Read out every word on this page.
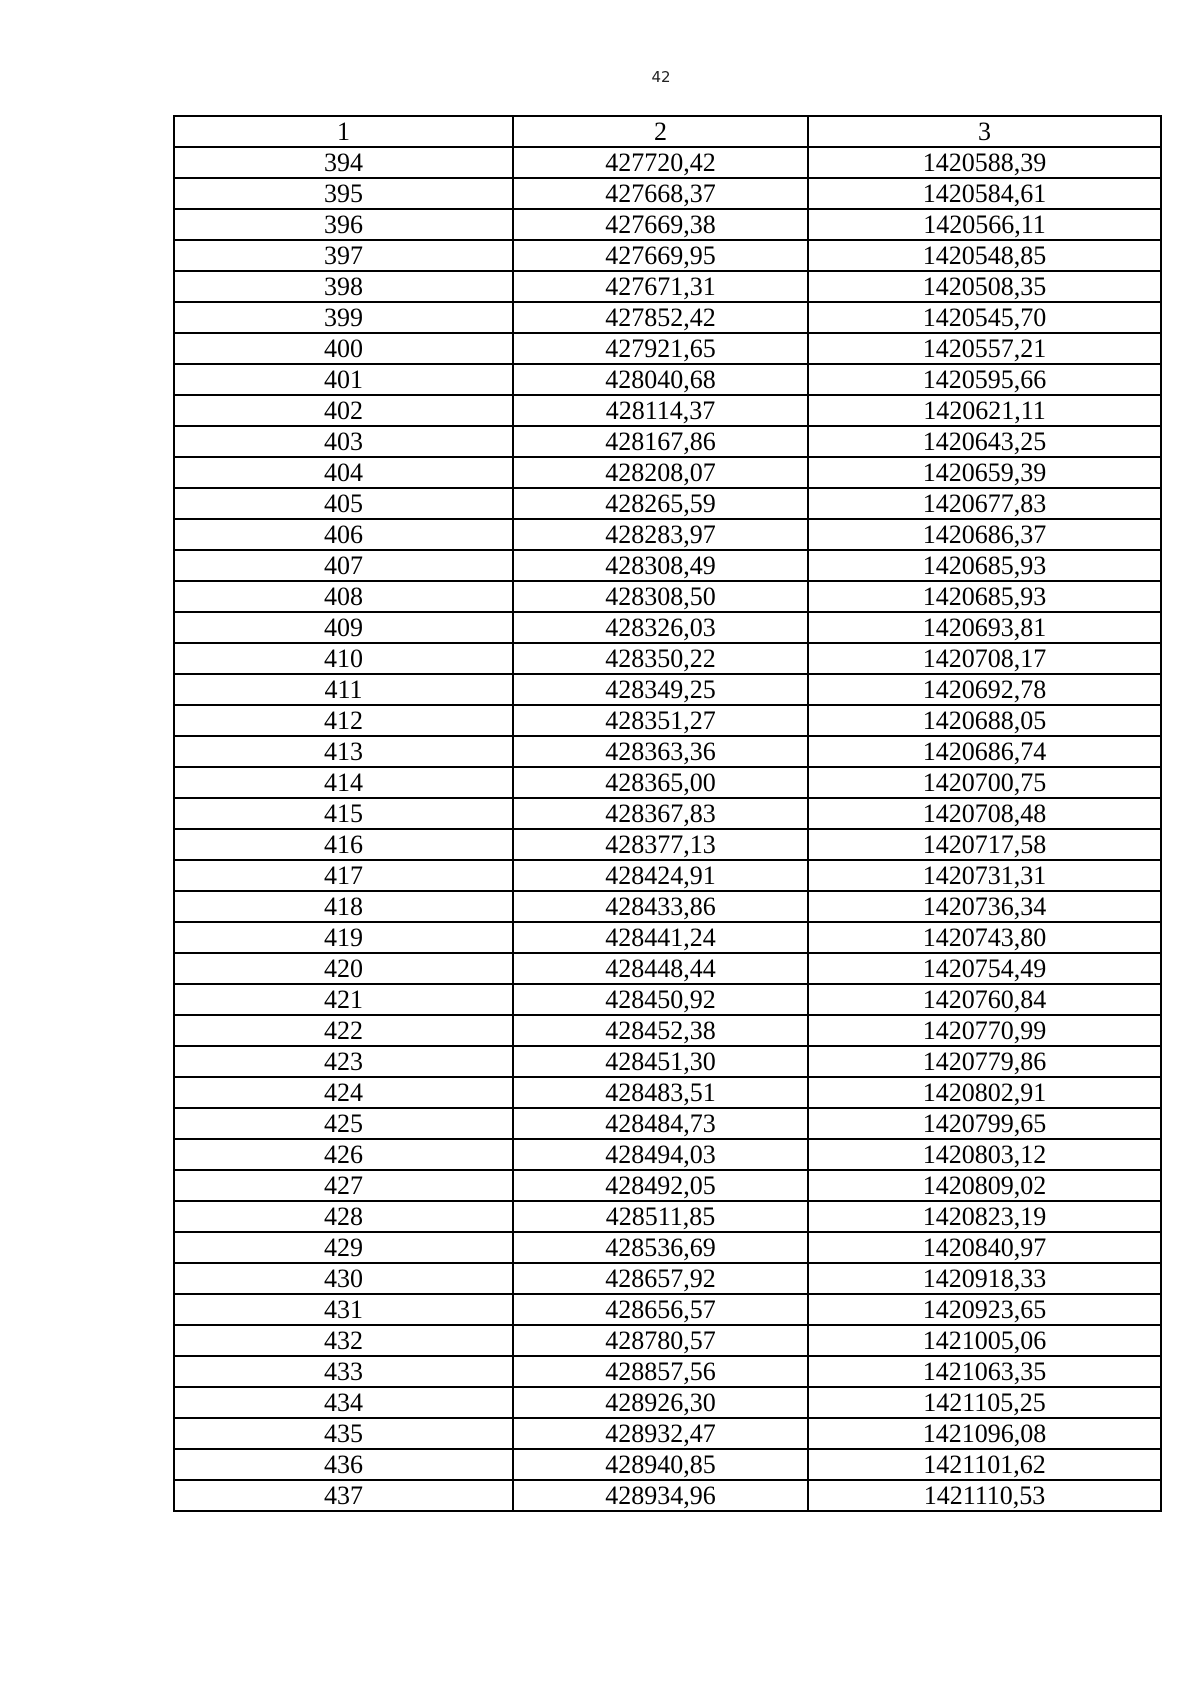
42
1	2	3
394	427720,42	1420588,39
395	427668,37	1420584,61
396	427669,38	1420566,11
397	427669,95	1420548,85
398	427671,31	1420508,35
399	427852,42	1420545,70
400	427921,65	1420557,21
401	428040,68	1420595,66
402	428114,37	1420621,11
403	428167,86	1420643,25
404	428208,07	1420659,39
405	428265,59	1420677,83
406	428283,97	1420686,37
407	428308,49	1420685,93
408	428308,50	1420685,93
409	428326,03	1420693,81
410	428350,22	1420708,17
411	428349,25	1420692,78
412	428351,27	1420688,05
413	428363,36	1420686,74
414	428365,00	1420700,75
415	428367,83	1420708,48
416	428377,13	1420717,58
417	428424,91	1420731,31
418	428433,86	1420736,34
419	428441,24	1420743,80
420	428448,44	1420754,49
421	428450,92	1420760,84
422	428452,38	1420770,99
423	428451,30	1420779,86
424	428483,51	1420802,91
425	428484,73	1420799,65
426	428494,03	1420803,12
427	428492,05	1420809,02
428	428511,85	1420823,19
429	428536,69	1420840,97
430	428657,92	1420918,33
431	428656,57	1420923,65
432	428780,57	1421005,06
433	428857,56	1421063,35
434	428926,30	1421105,25
435	428932,47	1421096,08
436	428940,85	1421101,62
437	428934,96	1421110,53
